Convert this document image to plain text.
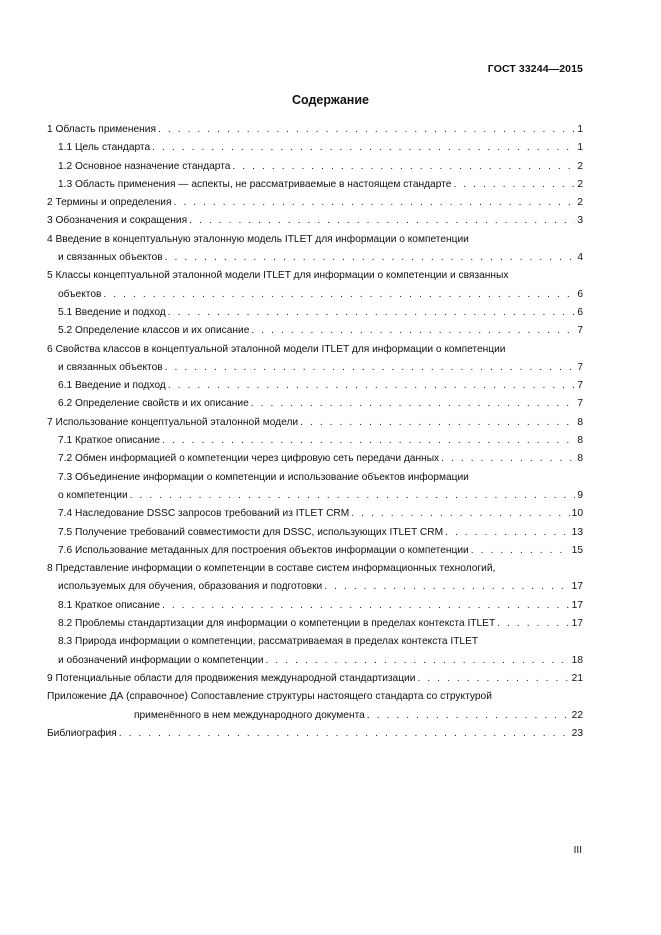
ГОСТ 33244—2015
Содержание
1 Область применения . . .	1
1.1 Цель стандарта . . .	1
1.2 Основное назначение стандарта . . .	2
1.3 Область применения — аспекты, не рассматриваемые в настоящем стандарте . . .	2
2 Термины и определения . . .	2
3 Обозначения и сокращения . . .	3
4 Введение в концептуальную эталонную модель ITLET для информации о компетенции
и связанных объектов . . .	4
5 Классы концептуальной эталонной модели ITLET для информации о компетенции и связанных
объектов . . .	6
5.1 Введение и подход . . .	6
5.2 Определение классов и их описание . . .	7
6 Свойства классов в концептуальной эталонной модели ITLET для информации о компетенции
и связанных объектов . . .	7
6.1 Введение и подход . . .	7
6.2 Определение свойств и их описание . . .	7
7 Использование концептуальной эталонной модели . . .	8
7.1 Краткое описание . . .	8
7.2 Обмен информацией о компетенции через цифровую сеть передачи данных . . .	8
7.3 Объединение информации о компетенции и использование объектов информации
о компетенции . . .	9
7.4 Наследование DSSC запросов требований из ITLET CRM . . .	10
7.5 Получение требований совместимости для DSSC, использующих ITLET CRM . . .	13
7.6 Использование метаданных для построения объектов информации о компетенции . . .	15
8 Представление информации о компетенции в составе систем информационных технологий,
используемых для обучения, образования и подготовки . . .	17
8.1 Краткое описание . . .	17
8.2 Проблемы стандартизации для информации о компетенции в пределах контекста ITLET . . .	17
8.3 Природа информации о компетенции, рассматриваемая в пределах контекста ITLET
и обозначений информации о компетенции . . .	18
9 Потенциальные области для продвижения международной стандартизации . . .	21
Приложение ДА (справочное) Сопоставление структуры настоящего стандарта со структурой
применённого в нем международного документа . . .	22
Библиография . . .	23
III
